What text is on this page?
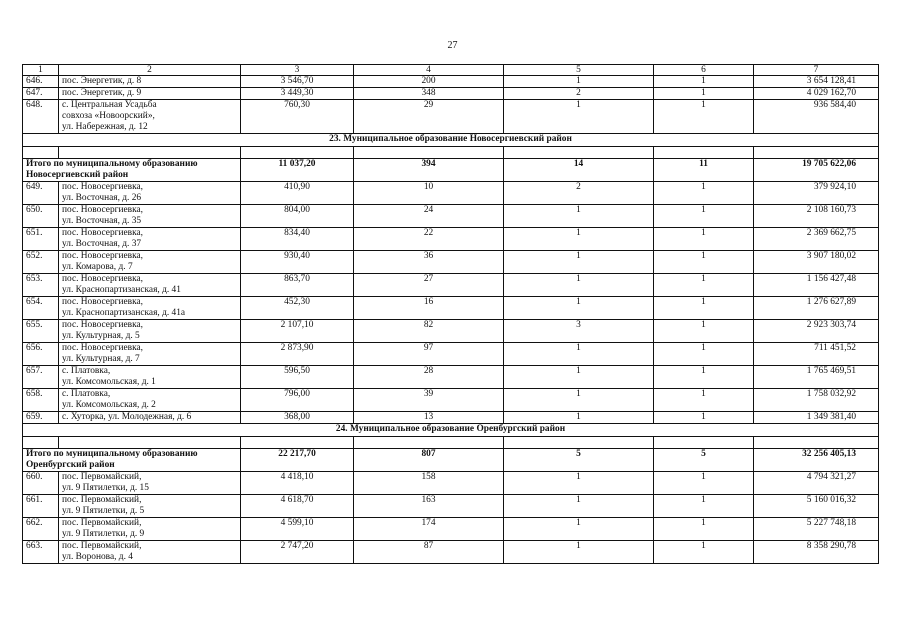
27
1	2	3	4	5	6	7
646.	пос. Энергетик, д. 8	3 546,70	200	1	1	3 654 128,41
647.	пос. Энергетик, д. 9	3 449,30	348	2	1	4 029 162,70
648.	с. Центральная Усадьба
совхоза «Новоорский»,
ул. Набережная, д. 12	760,30	29	1	1	936 584,40
23. Муниципальное образование Новосергиевский район						

Итого по муниципальному образованию
Новосергиевский район		11 037,20	394	14	11	19 705 622,06
649.	пос. Новосергиевка,
ул. Восточная, д. 26	410,90	10	2	1	379 924,10
650.	пос. Новосергиевка,
ул. Восточная, д. 35	804,00	24	1	1	2 108 160,73
651.	пос. Новосергиевка,
ул. Восточная, д. 37	834,40	22	1	1	2 369 662,75
652.	пос. Новосергиевка,
ул. Комарова, д. 7	930,40	36	1	1	3 907 180,02
653.	пос. Новосергиевка,
ул. Краснопартизанская, д. 41	863,70	27	1	1	1 156 427,48
654.	пос. Новосергиевка,
ул. Краснопартизанская, д. 41а	452,30	16	1	1	1 276 627,89
655.	пос. Новосергиевка,
ул. Культурная, д. 5	2 107,10	82	3	1	2 923 303,74
656.	пос. Новосергиевка,
ул. Культурная, д. 7	2 873,90	97	1	1	711 451,52
657.	с. Платовка,
ул. Комсомольская, д. 1	596,50	28	1	1	1 765 469,51
658.	с. Платовка,
ул. Комсомольская, д. 2	796,00	39	1	1	1 758 032,92
659.	с. Хуторка, ул. Молодежная, д. 6	368,00	13	1	1	1 349 381,40
24. Муниципальное образование Оренбургский район						

Итого по муниципальному образованию
Оренбургский район		22 217,70	807	5	5	32 256 405,13
660.	пос. Первомайский,
ул. 9 Пятилетки, д. 15	4 418,10	158	1	1	4 794 321,27
661.	пос. Первомайский,
ул. 9 Пятилетки, д. 5	4 618,70	163	1	1	5 160 016,32
662.	пос. Первомайский,
ул. 9 Пятилетки, д. 9	4 599,10	174	1	1	5 227 748,18
663.	пос. Первомайский,
ул. Воронова, д. 4	2 747,20	87	1	1	8 358 290,78
